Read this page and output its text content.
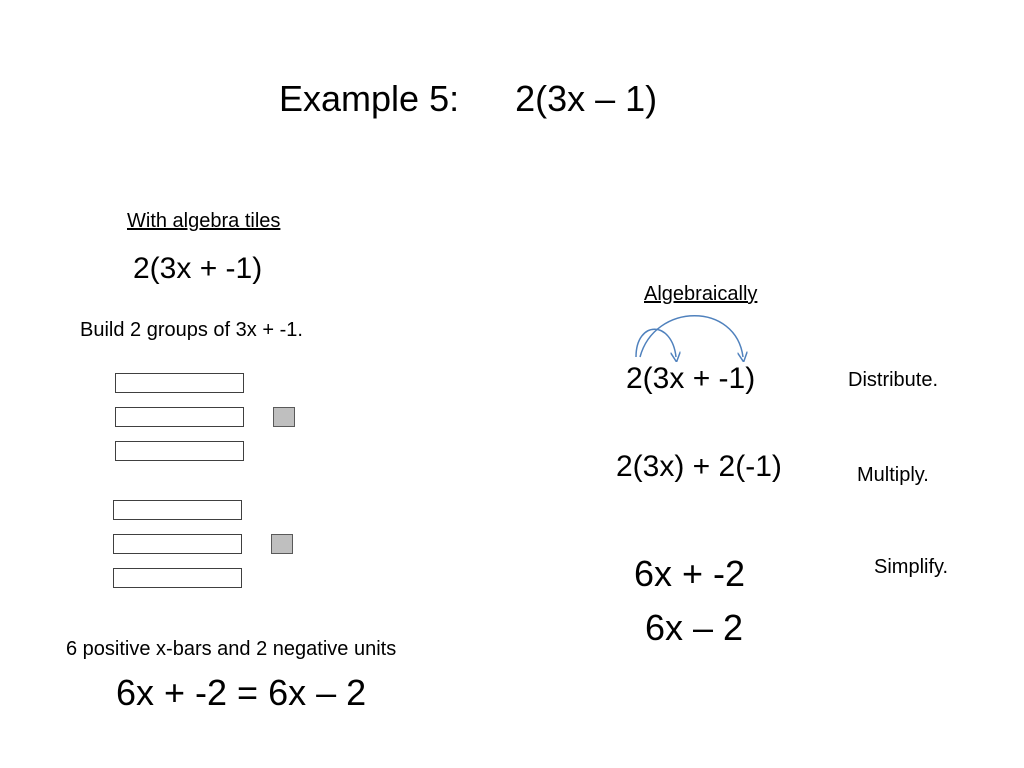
Example 5: 2(3x – 1)
With algebra tiles
2(3x + -1)
Build 2 groups of 3x + -1.
6 positive x-bars and 2 negative units
6x + -2 = 6x – 2
Algebraically
2(3x + -1)	Distribute.
2(3x) + 2(-1)	Multiply.
6x + -2	Simplify.
6x – 2
